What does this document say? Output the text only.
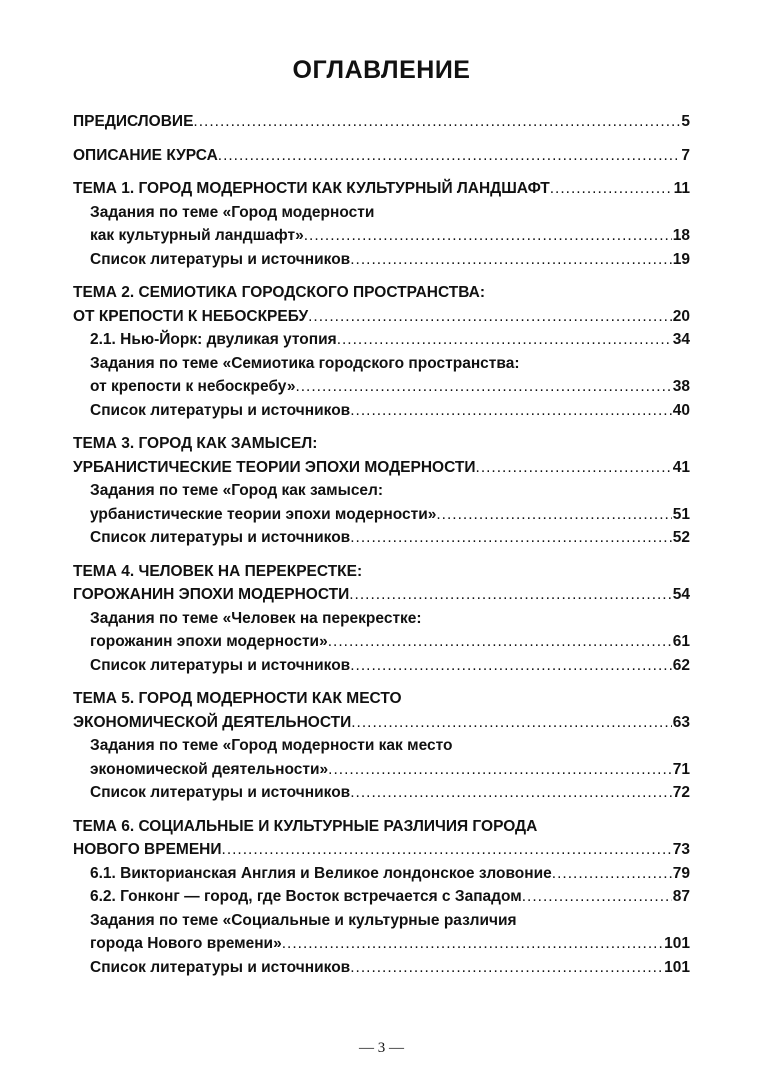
ОГЛАВЛЕНИЕ
ПРЕДИСЛОВИЕ .....	5
ОПИСАНИЕ КУРСА .....	7
ТЕМА 1. ГОРОД МОДЕРНОСТИ КАК КУЛЬТУРНЫЙ ЛАНДШАФТ .....	11
Задания по теме «Город модерности
как культурный ландшафт» .....	18
Список литературы и источников .....	19
ТЕМА 2. СЕМИОТИКА ГОРОДСКОГО ПРОСТРАНСТВА:
ОТ КРЕПОСТИ К НЕБОСКРЕБУ .....	20
2.1. Нью-Йорк: двуликая утопия .....	34
Задания по теме «Семиотика городского пространства:
от крепости к небоскребу» .....	38
Список литературы и источников .....	40
ТЕМА 3. ГОРОД КАК ЗАМЫСЕЛ:
УРБАНИСТИЧЕСКИЕ ТЕОРИИ ЭПОХИ МОДЕРНОСТИ .....	41
Задания по теме «Город как замысел:
урбанистические теории эпохи модерности» .....	51
Список литературы и источников .....	52
ТЕМА 4. ЧЕЛОВЕК НА ПЕРЕКРЕСТКЕ:
ГОРОЖАНИН ЭПОХИ МОДЕРНОСТИ .....	54
Задания по теме «Человек на перекрестке:
горожанин эпохи модерности» .....	61
Список литературы и источников .....	62
ТЕМА 5. ГОРОД МОДЕРНОСТИ КАК МЕСТО
ЭКОНОМИЧЕСКОЙ ДЕЯТЕЛЬНОСТИ .....	63
Задания по теме «Город модерности как место
экономической деятельности» .....	71
Список литературы и источников .....	72
ТЕМА 6. СОЦИАЛЬНЫЕ И КУЛЬТУРНЫЕ РАЗЛИЧИЯ ГОРОДА
НОВОГО ВРЕМЕНИ .....	73
6.1. Викторианская Англия и Великое лондонское зловоние .....	79
6.2. Гонконг — город, где Восток встречается с Западом .....	87
Задания по теме «Социальные и культурные различия
города Нового времени» .....	101
Список литературы и источников .....	101
— 3 —
